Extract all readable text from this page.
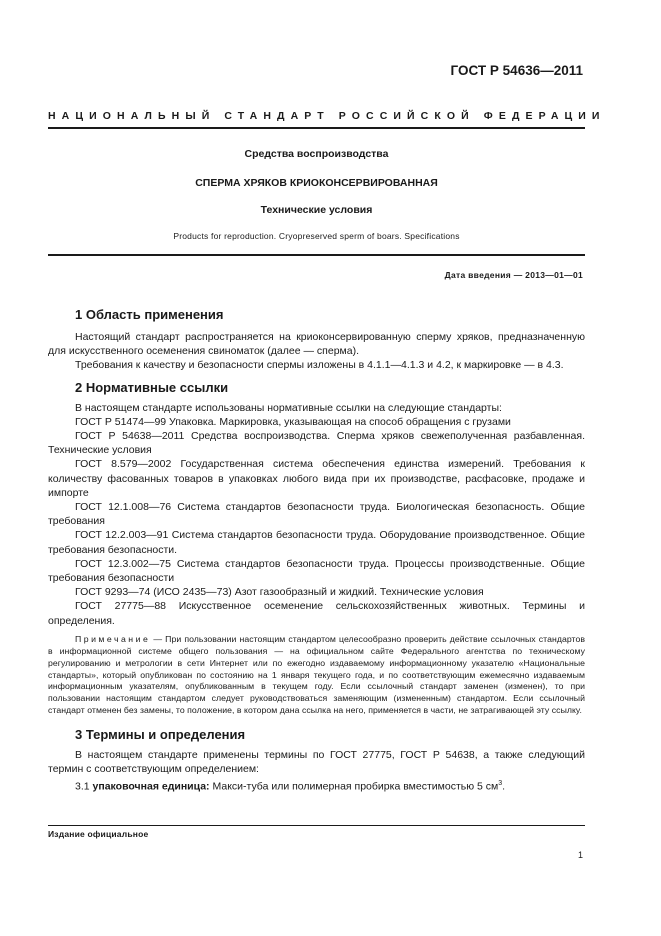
ГОСТ Р 54636—2011
НАЦИОНАЛЬНЫЙ СТАНДАРТ РОССИЙСКОЙ ФЕДЕРАЦИИ
Средства воспроизводства
СПЕРМА ХРЯКОВ КРИОКОНСЕРВИРОВАННАЯ
Технические условия
Products for reproduction. Cryopreserved sperm of boars. Specifications
Дата введения — 2013—01—01
1 Область применения

Настоящий стандарт распространяется на криоконсервированную сперму хряков, предназначенную для искусственного осеменения свиноматок (далее — сперма).

Требования к качеству и безопасности спермы изложены в 4.1.1—4.1.3 и 4.2, к маркировке — в 4.3.

2 Нормативные ссылки

В настоящем стандарте использованы нормативные ссылки на следующие стандарты:

ГОСТ Р 51474—99 Упаковка. Маркировка, указывающая на способ обращения с грузами

ГОСТ Р 54638—2011 Средства воспроизводства. Сперма хряков свежеполученная разбавленная. Технические условия

ГОСТ 8.579—2002 Государственная система обеспечения единства измерений. Требования к количеству фасованных товаров в упаковках любого вида при их производстве, расфасовке, продаже и импорте

ГОСТ 12.1.008—76 Система стандартов безопасности труда. Биологическая безопасность. Общие требования

ГОСТ 12.2.003—91 Система стандартов безопасности труда. Оборудование производственное. Общие требования безопасности.

ГОСТ 12.3.002—75 Система стандартов безопасности труда. Процессы производственные. Общие требования безопасности

ГОСТ 9293—74 (ИСО 2435—73) Азот газообразный и жидкий. Технические условия

ГОСТ 27775—88 Искусственное осеменение сельскохозяйственных животных. Термины и определения.

Примечание — При пользовании настоящим стандартом целесообразно проверить действие ссылочных стандартов в информационной системе общего пользования — на официальном сайте Федерального агентства по техническому регулированию и метрологии в сети Интернет или по ежегодно издаваемому информационному указателю «Национальные стандарты», который опубликован по состоянию на 1 января текущего года, и по соответствующим ежемесячно издаваемым информационным указателям, опубликованным в текущем году. Если ссылочный стандарт заменен (изменен), то при пользовании настоящим стандартом следует руководствоваться заменяющим (измененным) стандартом. Если ссылочный стандарт отменен без замены, то положение, в котором дана ссылка на него, применяется в части, не затрагивающей эту ссылку.

3 Термины и определения

В настоящем стандарте применены термины по ГОСТ 27775, ГОСТ Р 54638, а также следующий термин с соответствующим определением:

3.1 упаковочная единица: Макси-туба или полимерная пробирка вместимостью 5 $см^3$.

Издание официальное
1
